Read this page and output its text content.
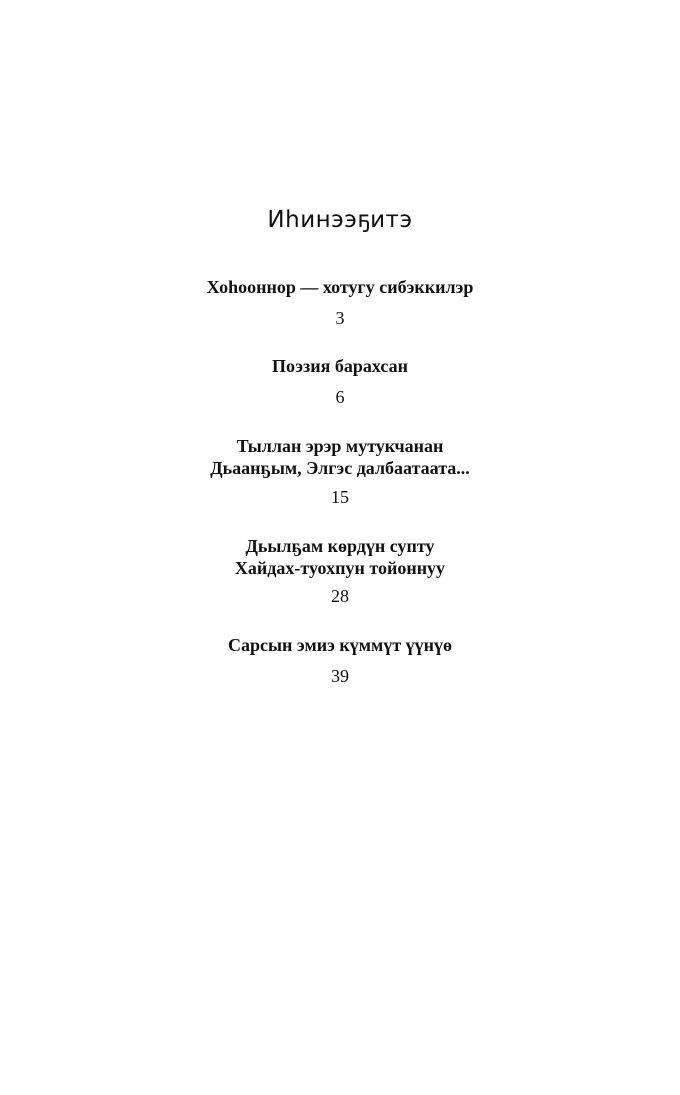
Иһинээҕитэ
Хоһооннор — хотугу сибэккилэр
3
Поэзия барахсан
6
Тыллан эрэр мутукчанан
Дьаанҕым, Элгэс далбаатаата...
15
Дьылҕам көрдүн супту
Хайдах-туохпун тойоннуу
28
Сарсын эмиэ күммүт үүнүө
39
